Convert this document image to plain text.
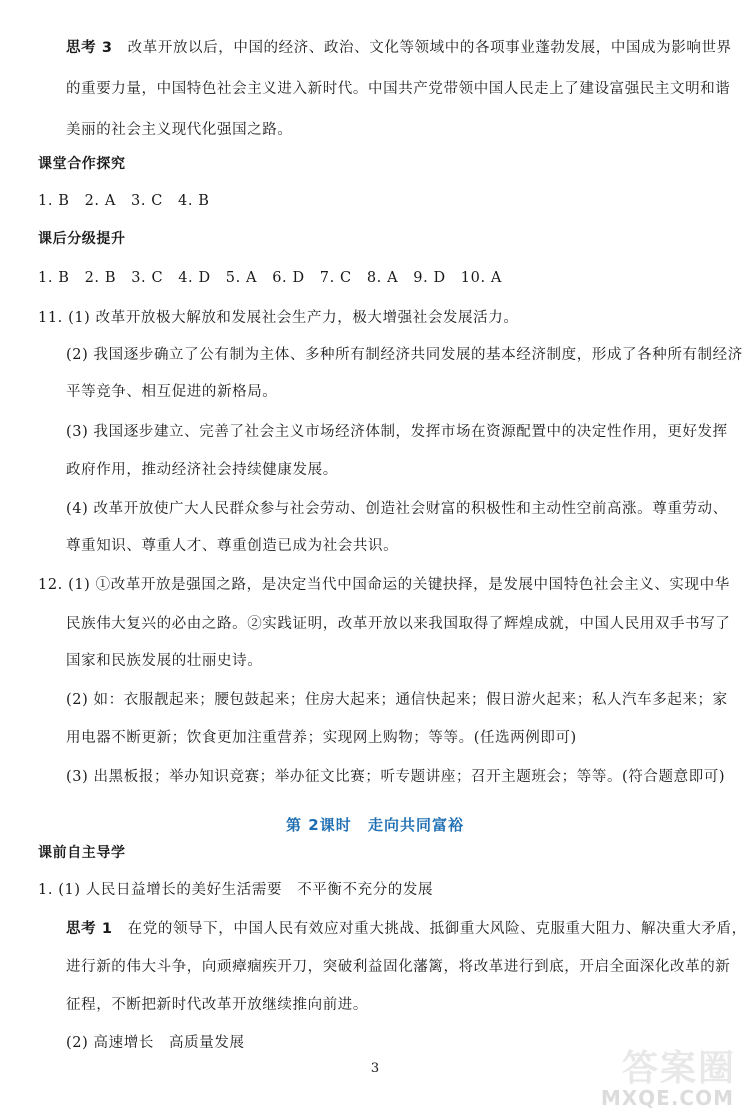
思考 3　改革开放以后，中国的经济、政治、文化等领域中的各项事业蓬勃发展，中国成为影响世界
的重要力量，中国特色社会主义进入新时代。中国共产党带领中国人民走上了建设富强民主文明和谐
美丽的社会主义现代化强国之路。
课堂合作探究
1. B　2. A　3. C　4. B
课后分级提升
1. B　2. B　3. C　4. D　5. A　6. D　7. C　8. A　9. D　10. A
11. (1) 改革开放极大解放和发展社会生产力，极大增强社会发展活力。
(2) 我国逐步确立了公有制为主体、多种所有制经济共同发展的基本经济制度，形成了各种所有制经济
平等竞争、相互促进的新格局。
(3) 我国逐步建立、完善了社会主义市场经济体制，发挥市场在资源配置中的决定性作用，更好发挥
政府作用，推动经济社会持续健康发展。
(4) 改革开放使广大人民群众参与社会劳动、创造社会财富的积极性和主动性空前高涨。尊重劳动、
尊重知识、尊重人才、尊重创造已成为社会共识。
12. (1) ①改革开放是强国之路，是决定当代中国命运的关键抉择，是发展中国特色社会主义、实现中华
民族伟大复兴的必由之路。②实践证明，改革开放以来我国取得了辉煌成就，中国人民用双手书写了
国家和民族发展的壮丽史诗。
(2) 如：衣服靓起来；腰包鼓起来；住房大起来；通信快起来；假日游火起来；私人汽车多起来；家
用电器不断更新；饮食更加注重营养；实现网上购物；等等。(任选两例即可)
(3) 出黑板报；举办知识竞赛；举办征文比赛；听专题讲座；召开主题班会；等等。(符合题意即可)
课前自主导学
1. (1) 人民日益增长的美好生活需要　不平衡不充分的发展
思考 1　在党的领导下，中国人民有效应对重大挑战、抵御重大风险、克服重大阻力、解决重大矛盾，
进行新的伟大斗争，向顽瘴痼疾开刀，突破利益固化藩篱，将改革进行到底，开启全面深化改革的新
征程，不断把新时代改革开放继续推向前进。
(2) 高速增长　高质量发展
第 2课时 走向共同富裕
3	答案圈
MXQE.COM
